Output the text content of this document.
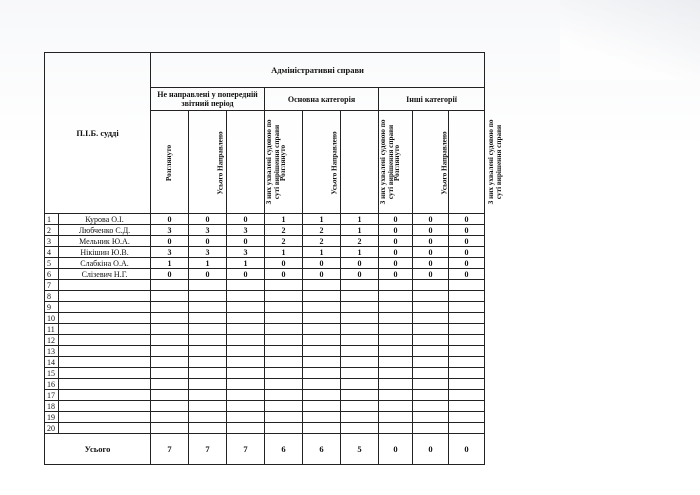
П.І.Б. судді		Адміністративні справи								
		Не направлені у попередній звітний період			Основна категорія			Інші категорії		
		Розглянуто	Усього Направлено	З них ухвалені судовою по суті вирішення справи	Розглянуто	Усього Направлено	З них ухвалені судовою по суті вирішення справи	Розглянуто	Усього Направлено	З них ухвалені судовою по суті вирішення справи
1	Курова О.І.	0	0	0	1	1	1	0	0	0
2	Любченко С.Д.	3	3	3	2	2	1	0	0	0
3	Мельник Ю.А.	0	0	0	2	2	2	0	0	0
4	Нікішин Ю.В.	3	3	3	1	1	1	0	0	0
5	Слабкіна О.А.	1	1	1	0	0	0	0	0	0
6	Слізевич Н.Г.	0	0	0	0	0	0	0	0	0
7										
8										
9										
10										
11										
12										
13										
14										
15										
16										
17										
18										
19										
20										
Усього		7	7	7	6	6	5	0	0	0
